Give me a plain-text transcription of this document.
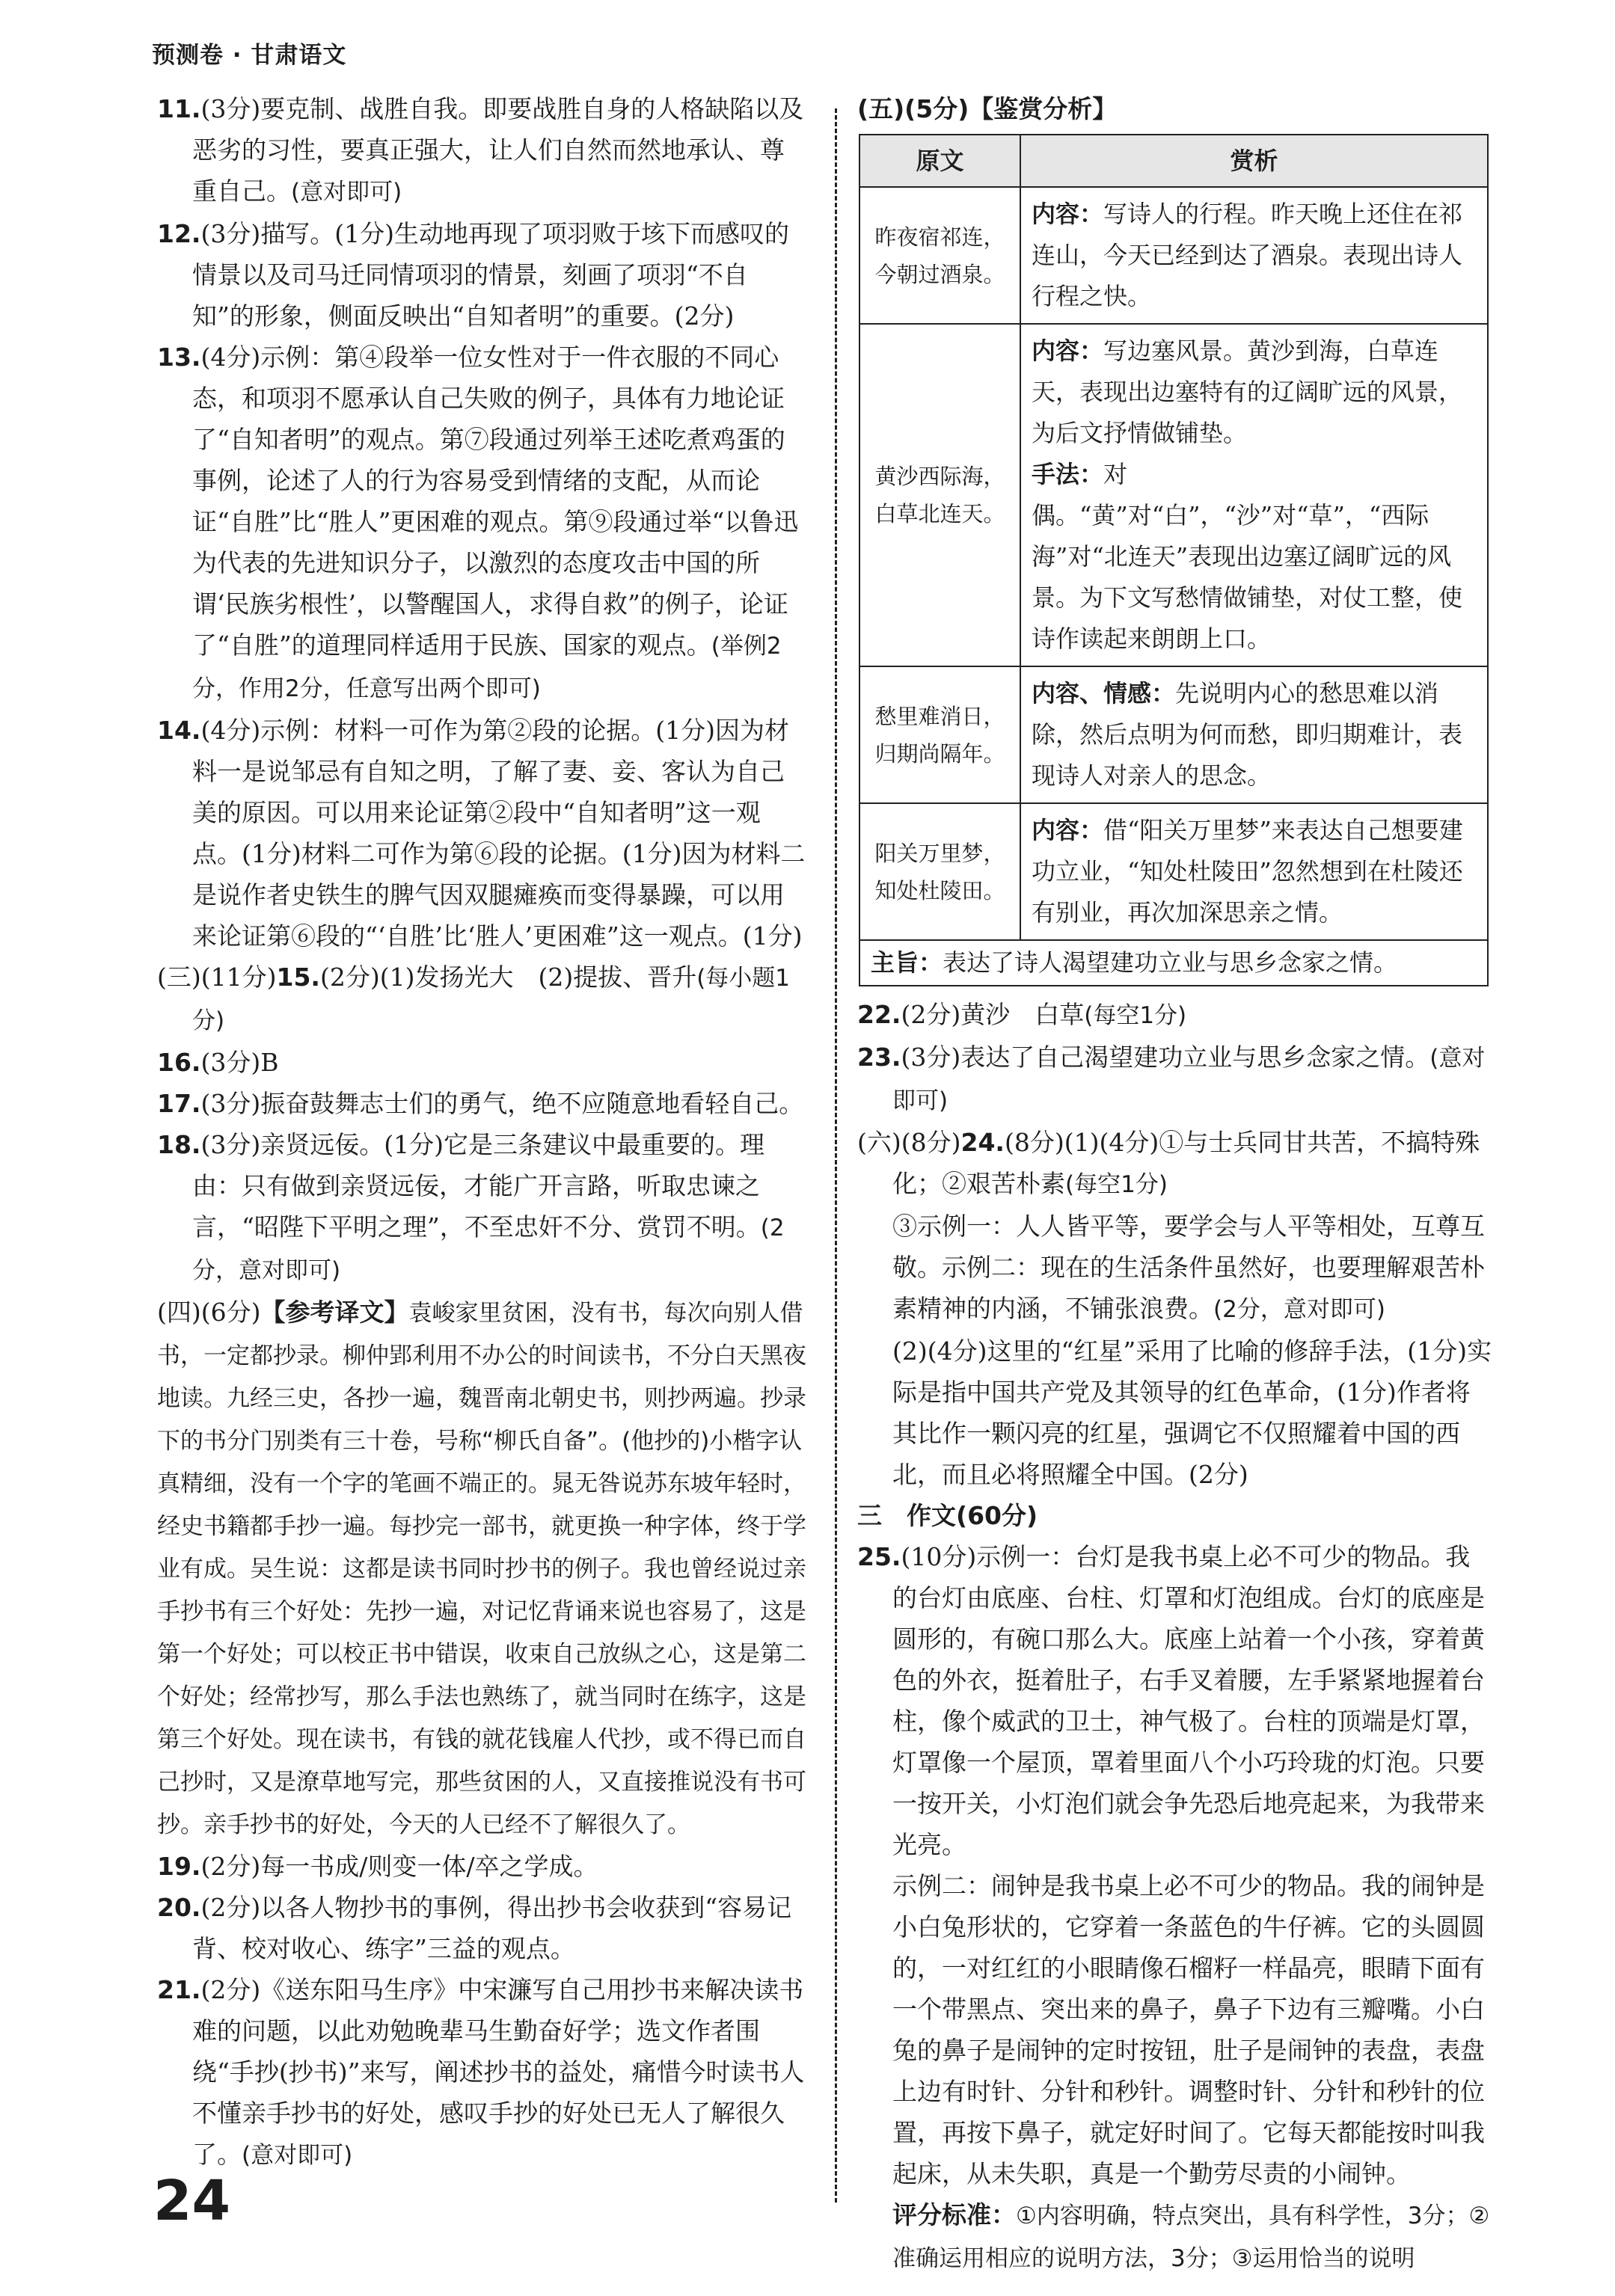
预测卷 · 甘肃语文

11.(3分)要克制、战胜自我。即要战胜自身的人格缺陷以及恶劣的习性，要真正强大，让人们自然而然地承认、尊重自己。(意对即可)

12.(3分)描写。(1分)生动地再现了项羽败于垓下而感叹的情景以及司马迁同情项羽的情景，刻画了项羽“不自知”的形象，侧面反映出“自知者明”的重要。(2分)

13.(4分)示例：第④段举一位女性对于一件衣服的不同心态，和项羽不愿承认自己失败的例子，具体有力地论证了“自知者明”的观点。第⑦段通过列举王述吃煮鸡蛋的事例，论述了人的行为容易受到情绪的支配，从而论证“自胜”比“胜人”更困难的观点。第⑨段通过举“以鲁迅为代表的先进知识分子，以激烈的态度攻击中国的所谓‘民族劣根性’，以警醒国人，求得自救”的例子，论证了“自胜”的道理同样适用于民族、国家的观点。(举例2分，作用2分，任意写出两个即可)

14.(4分)示例：材料一可作为第②段的论据。(1分)因为材料一是说邹忌有自知之明，了解了妻、妾、客认为自己美的原因。可以用来论证第②段中“自知者明”这一观点。(1分)材料二可作为第⑥段的论据。(1分)因为材料二是说作者史铁生的脾气因双腿瘫痪而变得暴躁，可以用来论证第⑥段的“‘自胜’比‘胜人’更困难”这一观点。(1分)

(三)(11分)15.(2分)(1)发扬光大　(2)提拔、晋升(每小题1分)

16.(3分)B

17.(3分)振奋鼓舞志士们的勇气，绝不应随意地看轻自己。

18.(3分)亲贤远佞。(1分)它是三条建议中最重要的。理由：只有做到亲贤远佞，才能广开言路，听取忠谏之言，“昭陛下平明之理”，不至忠奸不分、赏罚不明。(2分，意对即可)

(四)(6分)【参考译文】袁峻家里贫困，没有书，每次向别人借书，一定都抄录。柳仲郢利用不办公的时间读书，不分白天黑夜地读。九经三史，各抄一遍，魏晋南北朝史书，则抄两遍。抄录下的书分门别类有三十卷，号称“柳氏自备”。(他抄的)小楷字认真精细，没有一个字的笔画不端正的。晁无咎说苏东坡年轻时，经史书籍都手抄一遍。每抄完一部书，就更换一种字体，终于学业有成。吴生说：这都是读书同时抄书的例子。我也曾经说过亲手抄书有三个好处：先抄一遍，对记忆背诵来说也容易了，这是第一个好处；可以校正书中错误，收束自己放纵之心，这是第二个好处；经常抄写，那么手法也熟练了，就当同时在练字，这是第三个好处。现在读书，有钱的就花钱雇人代抄，或不得已而自己抄时，又是潦草地写完，那些贫困的人，又直接推说没有书可抄。亲手抄书的好处，今天的人已经不了解很久了。

19.(2分)每一书成/则变一体/卒之学成。

20.(2分)以各人物抄书的事例，得出抄书会收获到“容易记背、校对收心、练字”三益的观点。

21.(2分)《送东阳马生序》中宋濂写自己用抄书来解决读书难的问题，以此劝勉晚辈马生勤奋好学；选文作者围绕“手抄(抄书)”来写，阐述抄书的益处，痛惜今时读书人不懂亲手抄书的好处，感叹手抄的好处已无人了解很久了。(意对即可)

(五)(5分)【鉴赏分析】

原文	赏析

昨夜宿祁连，
今朝过酒泉。	内容：写诗人的行程。昨天晚上还住在祁连山，今天已经到达了酒泉。表现出诗人行程之快。

黄沙西际海，
白草北连天。	内容：写边塞风景。黄沙到海，白草连天，表现出边塞特有的辽阔旷远的风景，为后文抒情做铺垫。
手法：对偶。“黄”对“白”，“沙”对“草”，“西际海”对“北连天”表现出边塞辽阔旷远的风景。为下文写愁情做铺垫，对仗工整，使诗作读起来朗朗上口。

愁里难消日，
归期尚隔年。	内容、情感：先说明内心的愁思难以消除，然后点明为何而愁，即归期难计，表现诗人对亲人的思念。

阳关万里梦，
知处杜陵田。	内容：借“阳关万里梦”来表达自己想要建功立业，“知处杜陵田”忽然想到在杜陵还有别业，再次加深思亲之情。
主旨：表达了诗人渴望建功立业与思乡念家之情。	

22.(2分)黄沙　白草(每空1分)

23.(3分)表达了自己渴望建功立业与思乡念家之情。(意对即可)

(六)(8分)24.(8分)(1)(4分)①与士兵同甘共苦，不搞特殊化；②艰苦朴素(每空1分)

③示例一：人人皆平等，要学会与人平等相处，互尊互敬。示例二：现在的生活条件虽然好，也要理解艰苦朴素精神的内涵，不铺张浪费。(2分，意对即可)

(2)(4分)这里的“红星”采用了比喻的修辞手法，(1分)实际是指中国共产党及其领导的红色革命，(1分)作者将其比作一颗闪亮的红星，强调它不仅照耀着中国的西北，而且必将照耀全中国。(2分)

三　作文(60分)

25.(10分)示例一：台灯是我书桌上必不可少的物品。我的台灯由底座、台柱、灯罩和灯泡组成。台灯的底座是圆形的，有碗口那么大。底座上站着一个小孩，穿着黄色的外衣，挺着肚子，右手叉着腰，左手紧紧地握着台柱，像个威武的卫士，神气极了。台柱的顶端是灯罩，灯罩像一个屋顶，罩着里面八个小巧玲珑的灯泡。只要一按开关，小灯泡们就会争先恐后地亮起来，为我带来光亮。

示例二：闹钟是我书桌上必不可少的物品。我的闹钟是小白兔形状的，它穿着一条蓝色的牛仔裤。它的头圆圆的，一对红红的小眼睛像石榴籽一样晶亮，眼睛下面有一个带黑点、突出来的鼻子，鼻子下边有三瓣嘴。小白兔的鼻子是闹钟的定时按钮，肚子是闹钟的表盘，表盘上边有时针、分针和秒针。调整时针、分针和秒针的位置，再按下鼻子，就定好时间了。它每天都能按时叫我起床，从未失职，真是一个勤劳尽责的小闹钟。

评分标准：①内容明确，特点突出，具有科学性，3分；②准确运用相应的说明方法，3分；③运用恰当的说明

24
